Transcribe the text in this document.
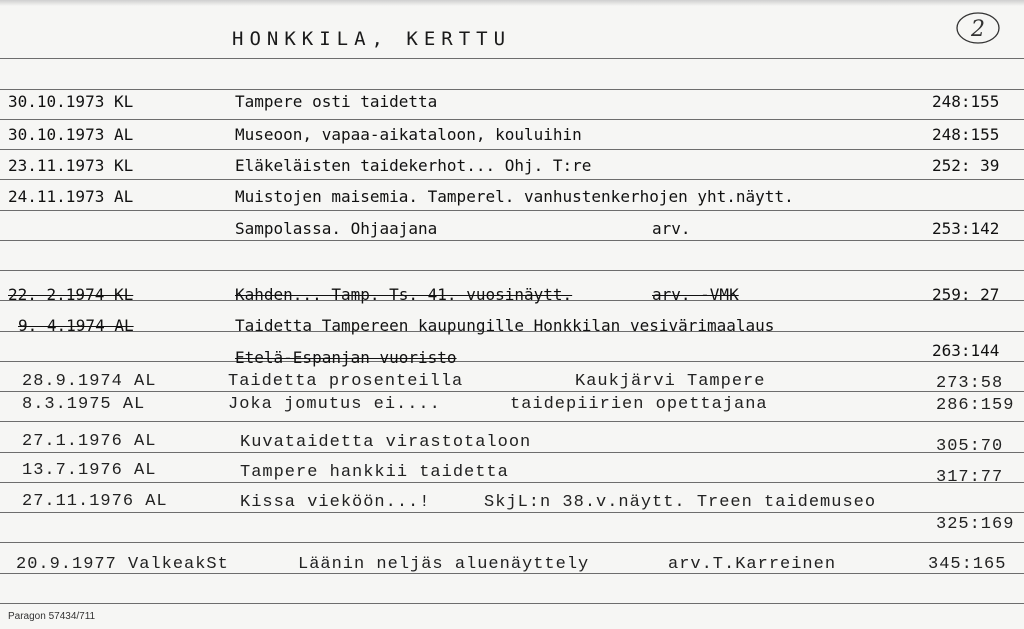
HONKKILA, KERTTU	2
30.10.1973 KL	Tampere osti taidetta	248:155
30.10.1973 AL	Museoon, vapaa-aikataloon, kouluihin	248:155
23.11.1973 KL	Eläkeläisten taidekerhot... Ohj. T:re	252: 39
24.11.1973 AL	Muistojen maisemia. Tamperel. vanhustenkerhojen yht.näytt.
Sampolassa. Ohjaajana	arv.	253:142
22. 2.1974 KL	Kahden... Tamp. Ts. 41. vuosinäytt.	arv. -VMK	259: 27
9. 4.1974 AL	Taidetta Tampereen kaupungille Honkkilan vesivärimaalaus
Etelä-Espanjan vuoristo	263:144
28.9.1974 AL	Taidetta prosenteilla	Kaukjärvi Tampere	273:58
8.3.1975 AL	Joka jomutus ei....	taidepiirien opettajana	286:159
27.1.1976 AL	Kuvataidetta virastotaloon	305:70
13.7.1976 AL	Tampere hankkii taidetta	317:77
27.11.1976 AL	Kissa vieköön...!	SkjL:n 38.v.näytt. Treen taidemuseo
325:169
20.9.1977 ValkeakSt	Läänin neljäs aluenäyttely	arv.T.Karreinen	345:165
Paragon 57434/711
